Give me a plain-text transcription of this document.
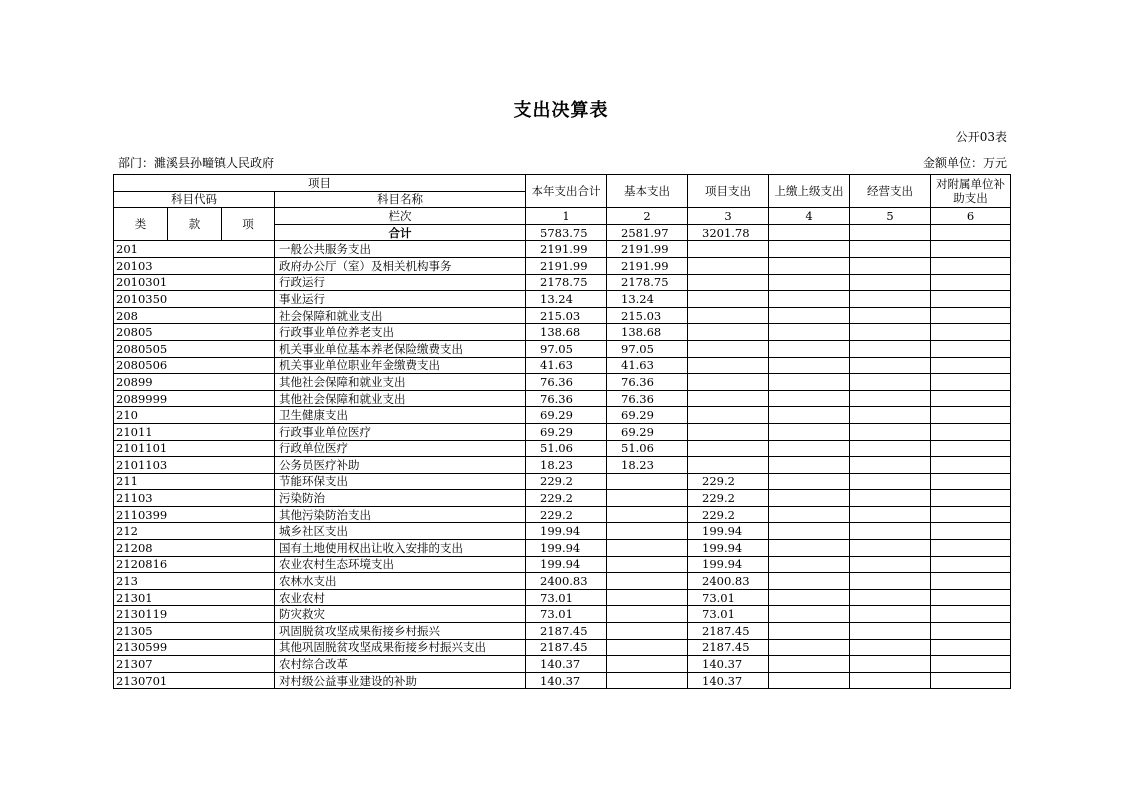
支出决算表
公开03表
部门：濉溪县孙疃镇人民政府	金额单位：万元
项目				本年支出合计	基本支出	项目支出	上缴上级支出	经营支出	对附属单位补助支出
科目代码			科目名称						
类	款	项	栏次	1	2	3	4	5	6
			合计	5783.75	2581.97	3201.78			
201			一般公共服务支出	2191.99	2191.99				
20103			政府办公厅（室）及相关机构事务	2191.99	2191.99				
2010301			行政运行	2178.75	2178.75				
2010350			事业运行	13.24	13.24				
208			社会保障和就业支出	215.03	215.03				
20805			行政事业单位养老支出	138.68	138.68				
2080505			机关事业单位基本养老保险缴费支出	97.05	97.05				
2080506			机关事业单位职业年金缴费支出	41.63	41.63				
20899			其他社会保障和就业支出	76.36	76.36				
2089999			其他社会保障和就业支出	76.36	76.36				
210			卫生健康支出	69.29	69.29				
21011			行政事业单位医疗	69.29	69.29				
2101101			行政单位医疗	51.06	51.06				
2101103			公务员医疗补助	18.23	18.23				
211			节能环保支出	229.2		229.2			
21103			污染防治	229.2		229.2			
2110399			其他污染防治支出	229.2		229.2			
212			城乡社区支出	199.94		199.94			
21208			国有土地使用权出让收入安排的支出	199.94		199.94			
2120816			农业农村生态环境支出	199.94		199.94			
213			农林水支出	2400.83		2400.83			
21301			农业农村	73.01		73.01			
2130119			防灾救灾	73.01		73.01			
21305			巩固脱贫攻坚成果衔接乡村振兴	2187.45		2187.45			
2130599			其他巩固脱贫攻坚成果衔接乡村振兴支出	2187.45		2187.45			
21307			农村综合改革	140.37		140.37			
2130701			对村级公益事业建设的补助	140.37		140.37			
